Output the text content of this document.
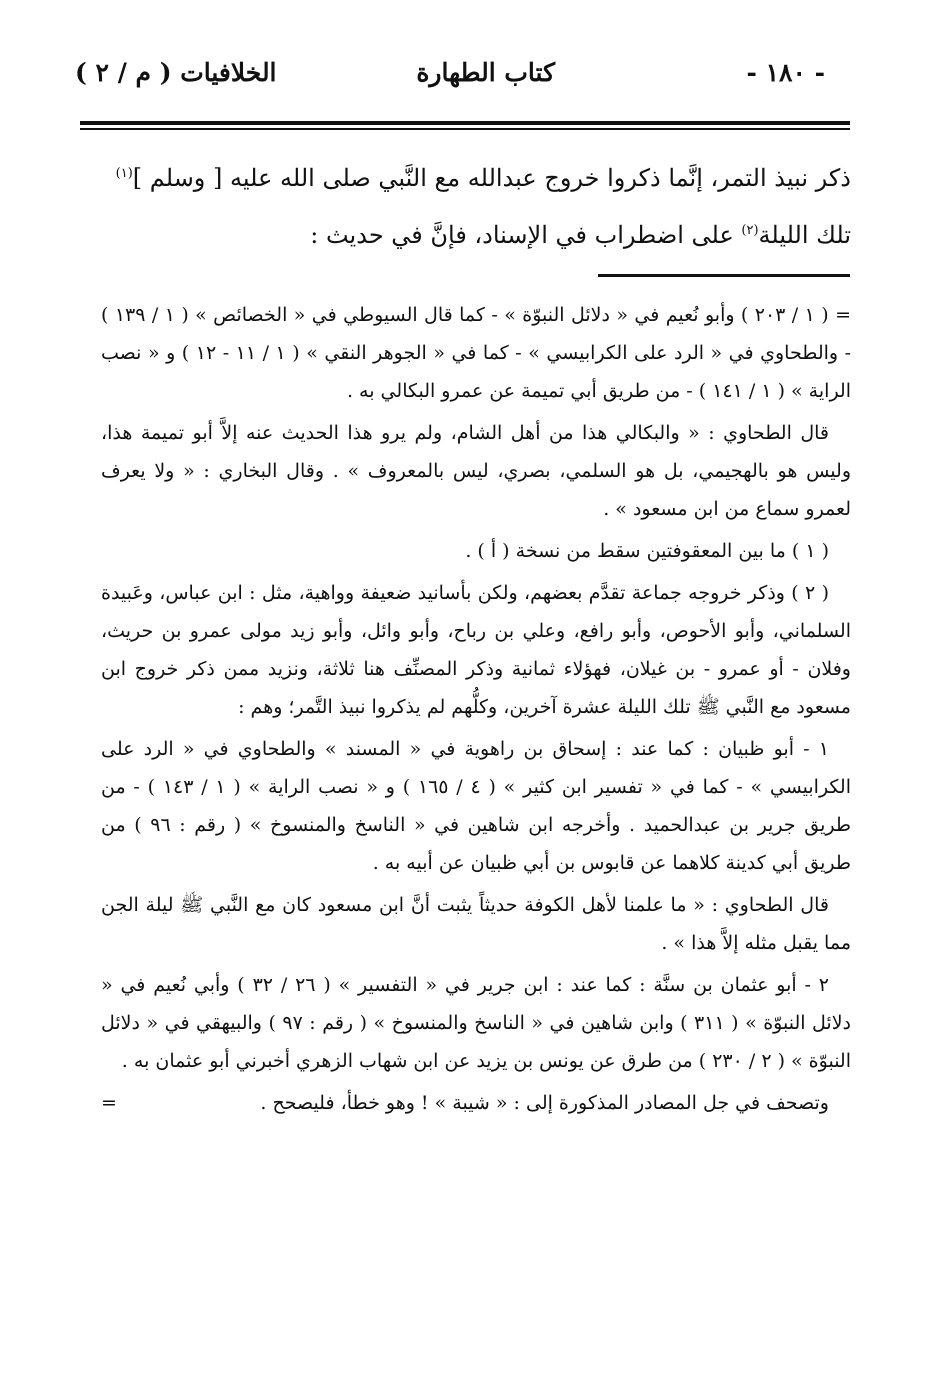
- ١٨٠ -
كتاب الطهارة
الخلافيات ( م / ٢ )

ذكر نبيذ التمر، إنَّما ذكروا خروج عبدالله مع النَّبي صلى الله عليه [ وسلم ]$^{(١)}$

تلك الليلة$^{(٢)}$ على اضطراب في الإسناد، فإنَّ في حديث :

= ( ١ / ٢٠٣ ) وأبو نُعيم في « دلائل النبوّة » - كما قال السيوطي في « الخصائص » ( ١ / ١٣٩ ) - والطحاوي في « الرد على الكرابيسي » - كما في « الجوهر النقي » ( ١ / ١١ - ١٢ ) و « نصب الراية » ( ١ / ١٤١ ) - من طريق أبي تميمة عن عمرو البكالي به .

قال الطحاوي : « والبكالي هذا من أهل الشام، ولم يرو هذا الحديث عنه إلاَّ أبو تميمة هذا، وليس هو بالهجيمي، بل هو السلمي، بصري، ليس بالمعروف » . وقال البخاري : « ولا يعرف لعمرو سماع من ابن مسعود » .

( ١ ) ما بين المعقوفتين سقط من نسخة ( أ ) .

( ٢ ) وذكر خروجه جماعة تقدَّم بعضهم، ولكن بأسانيد ضعيفة وواهية، مثل : ابن عباس، وعَبيدة السلماني، وأبو الأحوص، وأبو رافع، وعلي بن رباح، وأبو وائل، وأبو زيد مولى عمرو بن حريث، وفلان - أو عمرو - بن غيلان، فهؤلاء ثمانية وذكر المصنِّف هنا ثلاثة، ونزيد ممن ذكر خروج ابن مسعود مع النَّبي ﷺ تلك الليلة عشرة آخرين، وكلُّهم لم يذكروا نبيذ التَّمر؛ وهم :

١ - أبو ظبيان : كما عند : إسحاق بن راهوية في « المسند » والطحاوي في « الرد على الكرابيسي » - كما في « تفسير ابن كثير » ( ٤ / ١٦٥ ) و « نصب الراية » ( ١ / ١٤٣ ) - من طريق جرير بن عبدالحميد . وأخرجه ابن شاهين في « الناسخ والمنسوخ » ( رقم : ٩٦ ) من طريق أبي كدينة كلاهما عن قابوس بن أبي ظبيان عن أبيه به .

قال الطحاوي : « ما علمنا لأهل الكوفة حديثاً يثبت أنَّ ابن مسعود كان مع النَّبي ﷺ ليلة الجن مما يقبل مثله إلاَّ هذا » .

٢ - أبو عثمان بن سنَّة : كما عند : ابن جرير في « التفسير » ( ٢٦ / ٣٢ ) وأبي نُعيم في « دلائل النبوّة » ( ٣١١ ) وابن شاهين في « الناسخ والمنسوخ » ( رقم : ٩٧ ) والبيهقي في « دلائل النبوّة » ( ٢ / ٢٣٠ ) من طرق عن يونس بن يزيد عن ابن شهاب الزهري أخبرني أبو عثمان به .

وتصحف في جل المصادر المذكورة إلى : « شيبة » ! وهو خطأ، فليصحح .

=
